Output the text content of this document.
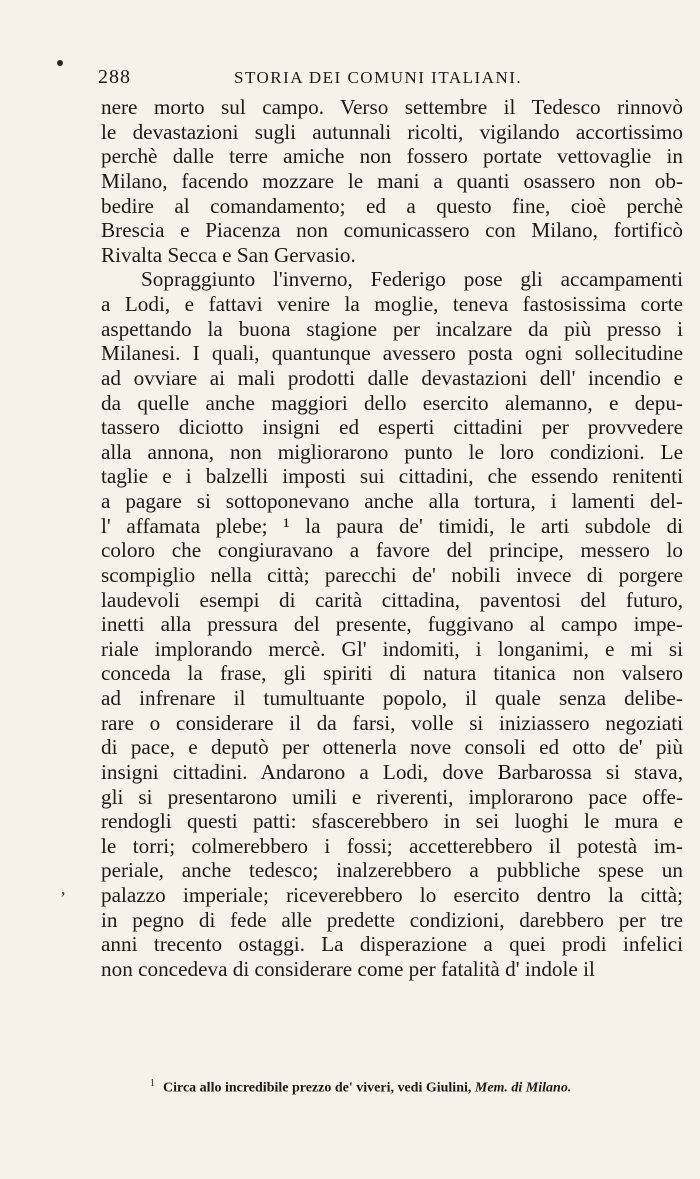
288	STORIA DEI COMUNI ITALIANI.
nere morto sul campo. Verso settembre il Tedesco rinnovò
le devastazioni sugli autunnali ricolti, vigilando accortissimo
perchè dalle terre amiche non fossero portate vettovaglie in
Milano, facendo mozzare le mani a quanti osassero non ob-
bedire al comandamento; ed a questo fine, cioè perchè
Brescia e Piacenza non comunicassero con Milano, fortificò
Rivalta Secca e San Gervasio.
Sopraggiunto l'inverno, Federigo pose gli accampamenti
a Lodi, e fattavi venire la moglie, teneva fastosissima corte
aspettando la buona stagione per incalzare da più presso i
Milanesi. I quali, quantunque avessero posta ogni sollecitudine
ad ovviare ai mali prodotti dalle devastazioni dell' incendio e
da quelle anche maggiori dello esercito alemanno, e depu-
tassero diciotto insigni ed esperti cittadini per provvedere
alla annona, non migliorarono punto le loro condizioni. Le
taglie e i balzelli imposti sui cittadini, che essendo renitenti
a pagare si sottoponevano anche alla tortura, i lamenti del-
l' affamata plebe; ¹ la paura de' timidi, le arti subdole di
coloro che congiuravano a favore del principe, messero lo
scompiglio nella città; parecchi de' nobili invece di porgere
laudevoli esempi di carità cittadina, paventosi del futuro,
inetti alla pressura del presente, fuggivano al campo impe-
riale implorando mercè. Gl' indomiti, i longanimi, e mi si
conceda la frase, gli spiriti di natura titanica non valsero
ad infrenare il tumultuante popolo, il quale senza delibe-
rare o considerare il da farsi, volle si iniziassero negoziati
di pace, e deputò per ottenerla nove consoli ed otto de' più
insigni cittadini. Andarono a Lodi, dove Barbarossa si stava,
gli si presentarono umili e riverenti, implorarono pace offe-
rendogli questi patti: sfascerebbero in sei luoghi le mura e
le torri; colmerebbero i fossi; accetterebbero il potestà im-
periale, anche tedesco; inalzerebbero a pubbliche spese un
palazzo imperiale; riceverebbero lo esercito dentro la città;
in pegno di fede alle predette condizioni, darebbero per tre
anni trecento ostaggi. La disperazione a quei prodi infelici
non concedeva di considerare come per fatalità d' indole il
,
$^1$ Circa allo incredibile prezzo de' viveri, vedi Giulini, Mem. di Milano.
